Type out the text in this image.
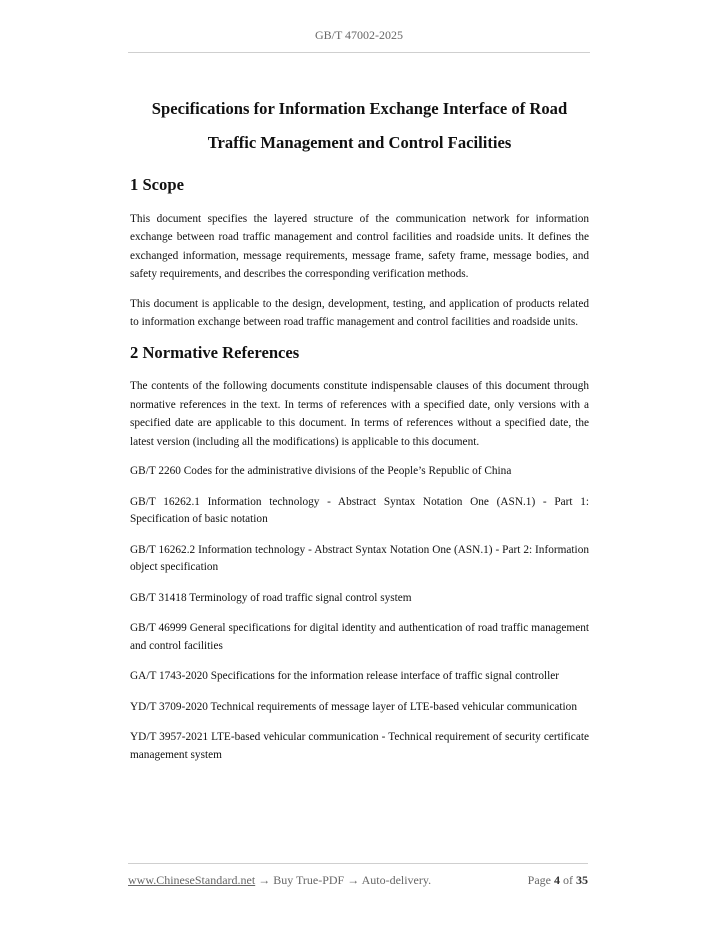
GB/T 47002-2025
Specifications for Information Exchange Interface of Road
Traffic Management and Control Facilities
1 Scope

This document specifies the layered structure of the communication network for information exchange between road traffic management and control facilities and roadside units. It defines the exchanged information, message requirements, message frame, safety frame, message bodies, and safety requirements, and describes the corresponding verification methods.

This document is applicable to the design, development, testing, and application of products related to information exchange between road traffic management and control facilities and roadside units.

2 Normative References

The contents of the following documents constitute indispensable clauses of this document through normative references in the text. In terms of references with a specified date, only versions with a specified date are applicable to this document. In terms of references without a specified date, the latest version (including all the modifications) is applicable to this document.

GB/T 2260 Codes for the administrative divisions of the People’s Republic of China

GB/T 16262.1 Information technology - Abstract Syntax Notation One (ASN.1) - Part 1: Specification of basic notation

GB/T 16262.2 Information technology - Abstract Syntax Notation One (ASN.1) - Part 2: Information object specification

GB/T 31418 Terminology of road traffic signal control system

GB/T 46999 General specifications for digital identity and authentication of road traffic management and control facilities

GA/T 1743-2020 Specifications for the information release interface of traffic signal controller

YD/T 3709-2020 Technical requirements of message layer of LTE-based vehicular communication

YD/T 3957-2021 LTE-based vehicular communication - Technical requirement of security certificate management system

www.ChineseStandard.net → Buy True-PDF → Auto-delivery.	Page 4 of 35
